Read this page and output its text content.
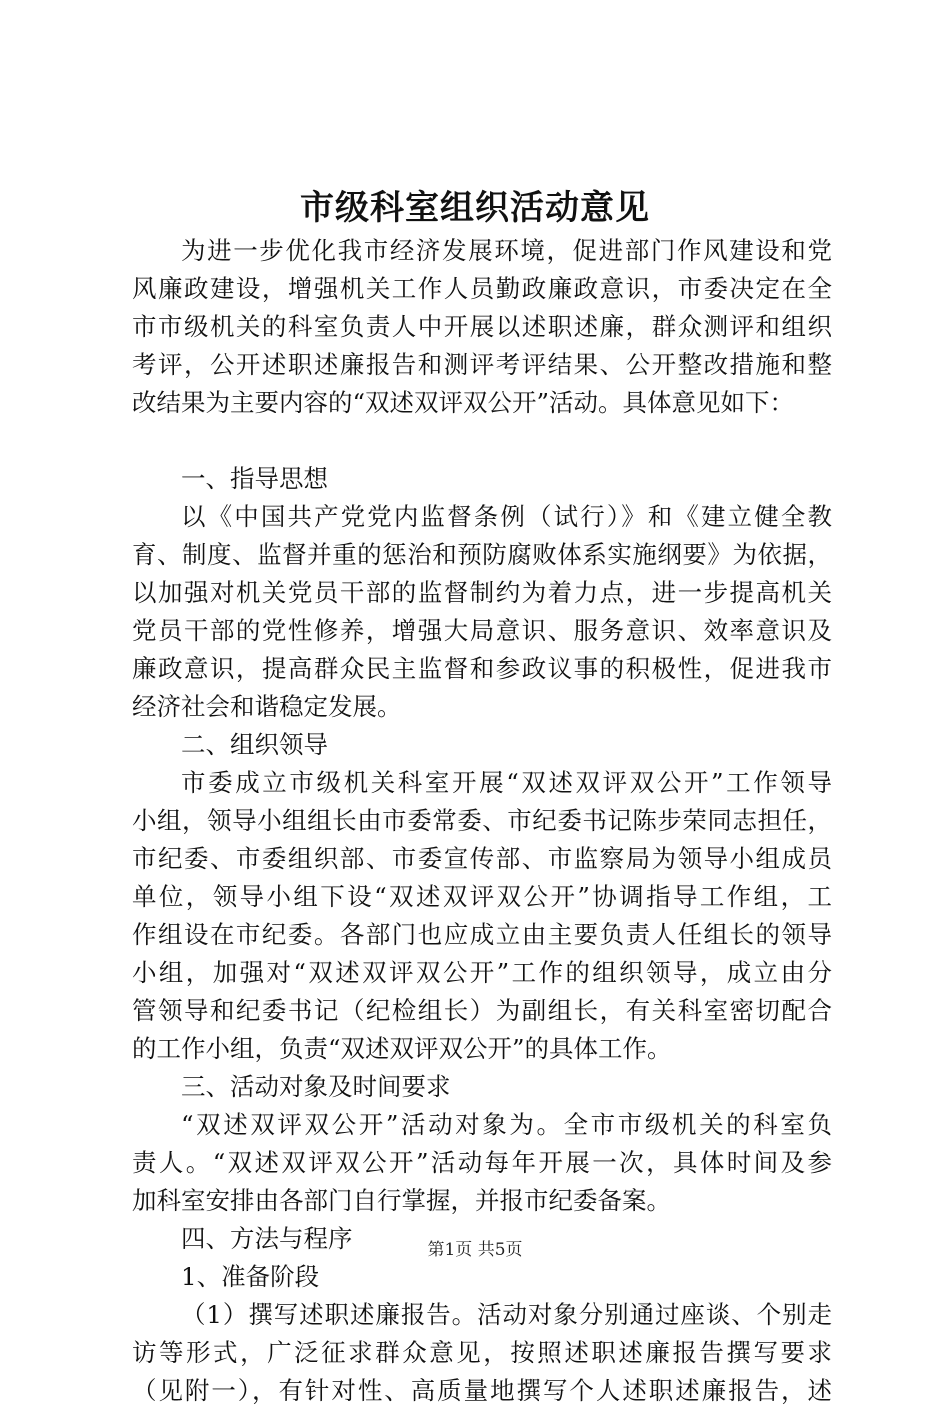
市级科室组织活动意见
为进一步优化我市经济发展环境，促进部门作风建设和党
风廉政建设，增强机关工作人员勤政廉政意识，市委决定在全
市市级机关的科室负责人中开展以述职述廉，群众测评和组织
考评，公开述职述廉报告和测评考评结果、公开整改措施和整
改结果为主要内容的“双述双评双公开”活动。具体意见如下：
一、指导思想
以《中国共产党党内监督条例（试行）》和《建立健全教
育、制度、监督并重的惩治和预防腐败体系实施纲要》为依据，
以加强对机关党员干部的监督制约为着力点，进一步提高机关
党员干部的党性修养，增强大局意识、服务意识、效率意识及
廉政意识，提高群众民主监督和参政议事的积极性，促进我市
经济社会和谐稳定发展。
二、组织领导
市委成立市级机关科室开展“双述双评双公开”工作领导
小组，领导小组组长由市委常委、市纪委书记陈步荣同志担任，
市纪委、市委组织部、市委宣传部、市监察局为领导小组成员
单位，领导小组下设“双述双评双公开”协调指导工作组，工
作组设在市纪委。各部门也应成立由主要负责人任组长的领导
小组，加强对“双述双评双公开”工作的组织领导，成立由分
管领导和纪委书记（纪检组长）为副组长，有关科室密切配合
的工作小组，负责“双述双评双公开”的具体工作。
三、活动对象及时间要求
“双述双评双公开”活动对象为。全市市级机关的科室负
责人。“双述双评双公开”活动每年开展一次，具体时间及参
加科室安排由各部门自行掌握，并报市纪委备案。
四、方法与程序
1、准备阶段
（1）撰写述职述廉报告。活动对象分别通过座谈、个别走
访等形式，广泛征求群众意见，按照述职述廉报告撰写要求
（见附一），有针对性、高质量地撰写个人述职述廉报告，述
第1页 共5页
